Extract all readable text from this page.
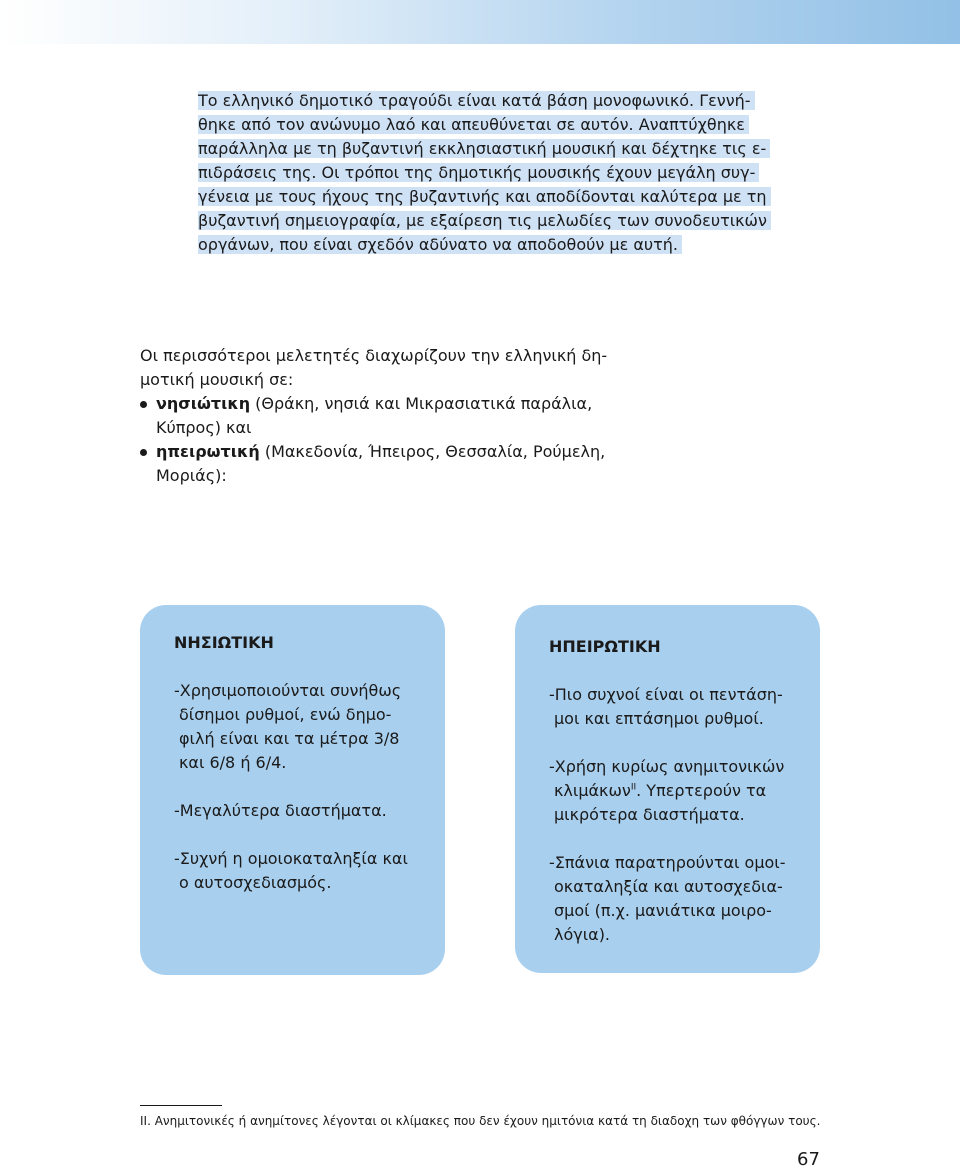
Το ελληνικό δημοτικό τραγούδι είναι κατά βάση μονοφωνικό. Γεννή-
θηκε από τον ανώνυμο λαό και απευθύνεται σε αυτόν. Αναπτύχθηκε
παράλληλα με τη βυζαντινή εκκλησιαστική μουσική και δέχτηκε τις ε-
πιδράσεις της. Οι τρόποι της δημοτικής μουσικής έχουν μεγάλη συγ-
γένεια με τους ήχους της βυζαντινής και αποδίδονται καλύτερα με τη
βυζαντινή σημειογραφία, με εξαίρεση τις μελωδίες των συνοδευτικών
οργάνων, που είναι σχεδόν αδύνατο να αποδοθούν με αυτή.
Οι περισσότεροι μελετητές διαχωρίζουν την ελληνική δη-
μοτική μουσική σε:
νησιώτικη (Θράκη, νησιά και Μικρασιατικά παράλια,
Κύπρος) και
ηπειρωτική (Μακεδονία, Ήπειρος, Θεσσαλία, Ρούμελη,
Μοριάς):
ΝΗΣΙΩΤΙΚΗ

-Χρησιμοποιούνται συνήθως
δίσημοι ρυθμοί, ενώ δημο-
φιλή είναι και τα μέτρα 3/8
και 6/8 ή 6/4.

-Μεγαλύτερα διαστήματα.

-Συχνή η ομοιοκαταληξία και
ο αυτοσχεδιασμός.

ΗΠΕΙΡΩΤΙΚΗ

-Πιο συχνοί είναι οι πεντάση-
μοι και επτάσημοι ρυθμοί.

-Χρήση κυρίως ανημιτονικών
κλιμάκων$^{II}$. Υπερτερούν τα
μικρότερα διαστήματα.

-Σπάνια παρατηρούνται ομοι-
οκαταληξία και αυτοσχεδια-
σμοί (π.χ. μανιάτικα μοιρο-
λόγια).

II. Ανημιτονικές ή ανημίτονες λέγονται οι κλίμακες που δεν έχουν ημιτόνια κατά τη διαδοχη των φθόγγων τους.
67
